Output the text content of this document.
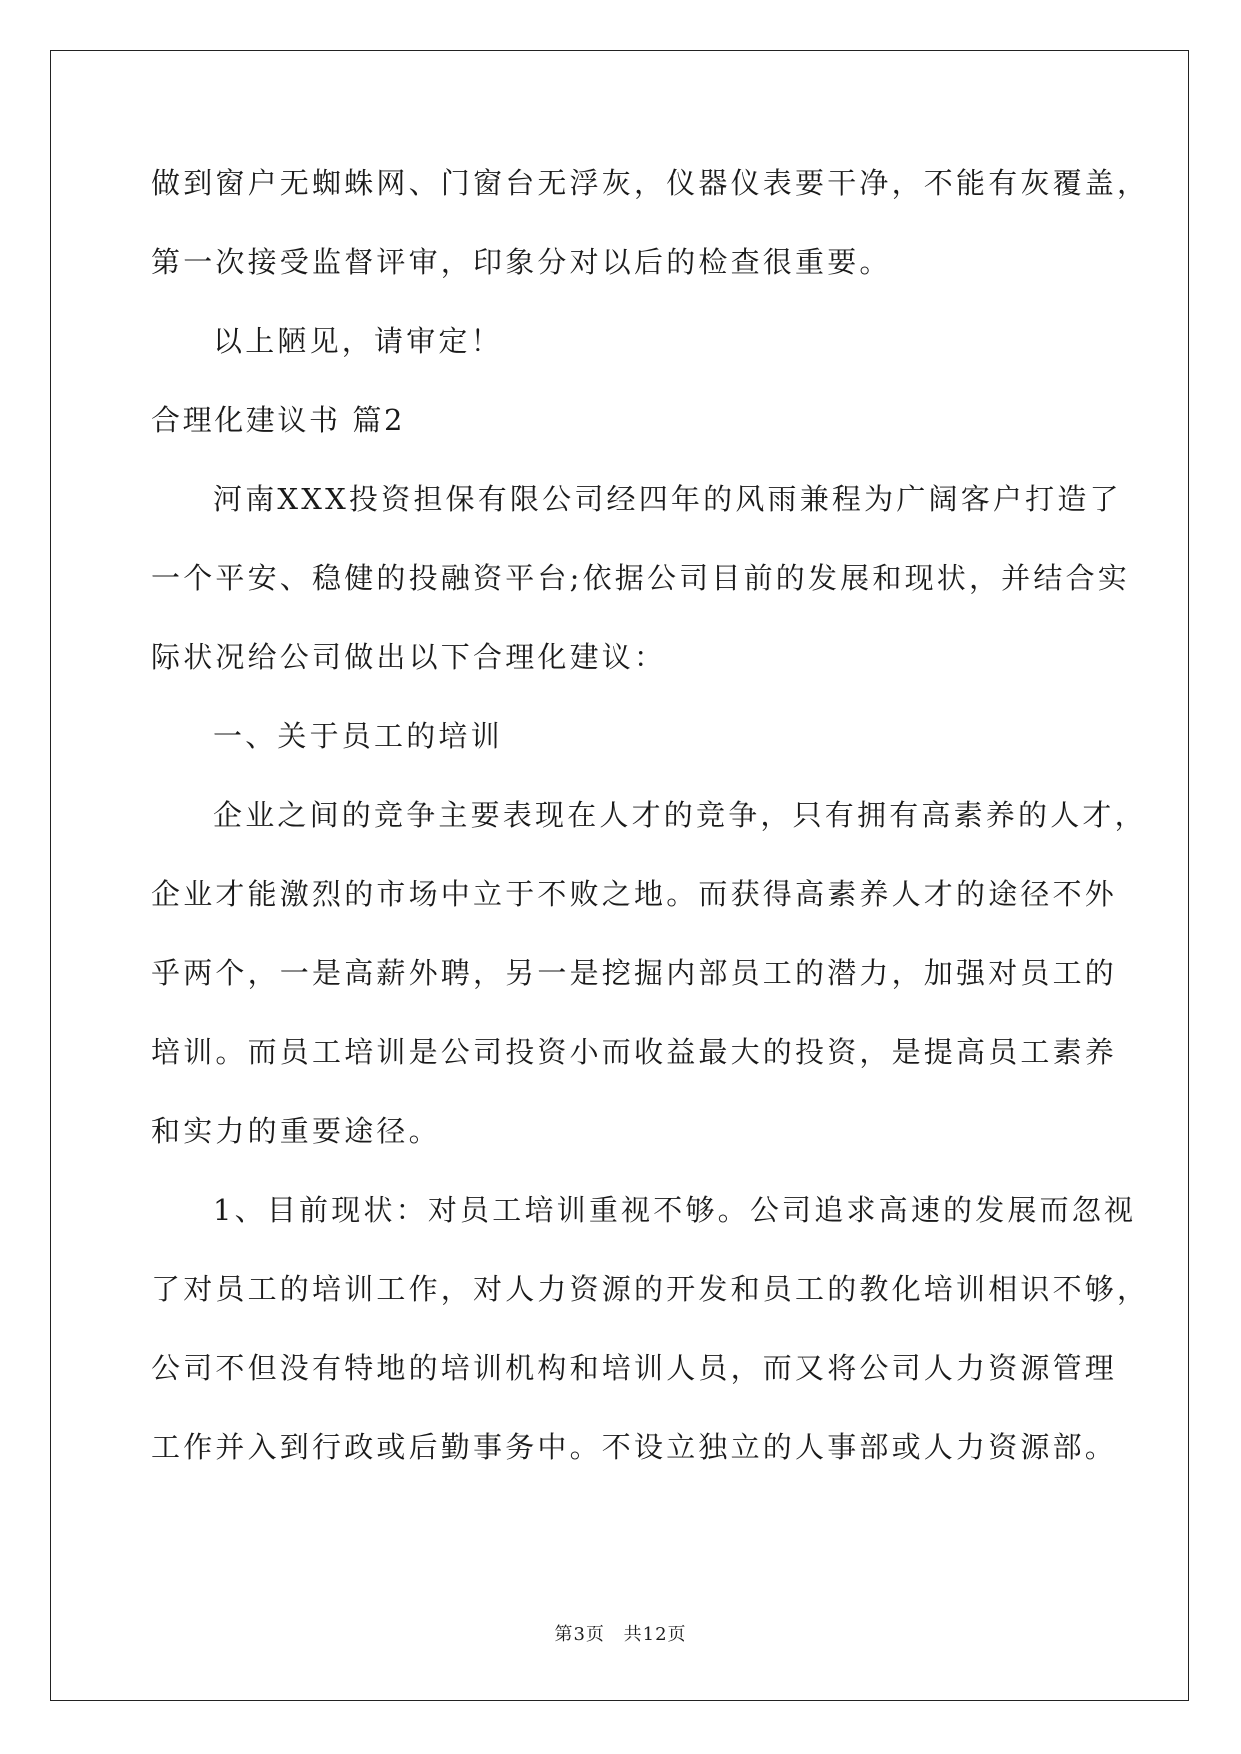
做到窗户无蜘蛛网、门窗台无浮灰，仪器仪表要干净，不能有灰覆盖，
第一次接受监督评审，印象分对以后的检查很重要。
以上陋见，请审定！
合理化建议书 篇2
河南XXX投资担保有限公司经四年的风雨兼程为广阔客户打造了
一个平安、稳健的投融资平台;依据公司目前的发展和现状，并结合实
际状况给公司做出以下合理化建议：
一、关于员工的培训
企业之间的竞争主要表现在人才的竞争，只有拥有高素养的人才，
企业才能激烈的市场中立于不败之地。而获得高素养人才的途径不外
乎两个，一是高薪外聘，另一是挖掘内部员工的潜力，加强对员工的
培训。而员工培训是公司投资小而收益最大的投资，是提高员工素养
和实力的重要途径。
1、目前现状：对员工培训重视不够。公司追求高速的发展而忽视
了对员工的培训工作，对人力资源的开发和员工的教化培训相识不够，
公司不但没有特地的培训机构和培训人员，而又将公司人力资源管理
工作并入到行政或后勤事务中。不设立独立的人事部或人力资源部。
第3页 共12页
